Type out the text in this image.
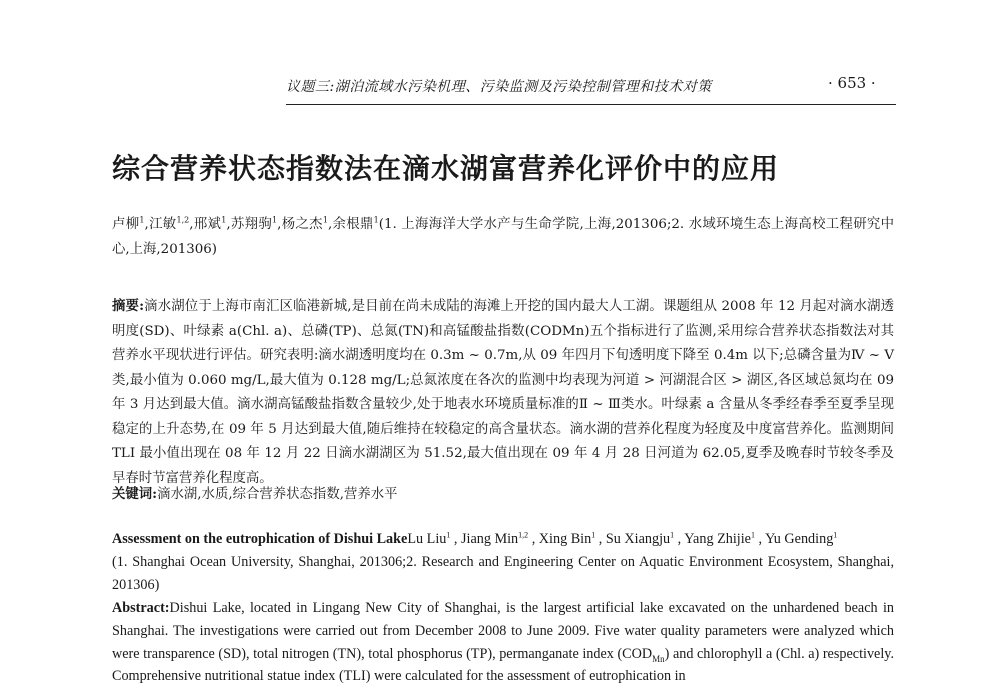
议题三:湖泊流域水污染机理、污染监测及污染控制管理和技术对策	· 653 ·
综合营养状态指数法在滴水湖富营养化评价中的应用
卢柳$^1$,江敏$^{1,2}$,邢斌$^1$,苏翔驹$^1$,杨之杰$^1$,余根鼎$^1$(1. 上海海洋大学水产与生命学院,上海,201306;2. 水域环境生态上海高校工程研究中心,上海,201306)
摘要:滴水湖位于上海市南汇区临港新城,是目前在尚未成陆的海滩上开挖的国内最大人工湖。课题组从 2008 年 12 月起对滴水湖透明度(SD)、叶绿素 a(Chl. a)、总磷(TP)、总氮(TN)和高锰酸盐指数(CODMn)五个指标进行了监测,采用综合营养状态指数法对其营养水平现状进行评估。研究表明:滴水湖透明度均在 0.3m ~ 0.7m,从 09 年四月下旬透明度下降至 0.4m 以下;总磷含量为Ⅳ ~ Ⅴ类,最小值为 0.060 mg/L,最大值为 0.128 mg/L;总氮浓度在各次的监测中均表现为河道 > 河湖混合区 > 湖区,各区域总氮均在 09 年 3 月达到最大值。滴水湖高锰酸盐指数含量较少,处于地表水环境质量标准的Ⅱ ~ Ⅲ类水。叶绿素 a 含量从冬季经春季至夏季呈现稳定的上升态势,在 09 年 5 月达到最大值,随后维持在较稳定的高含量状态。滴水湖的营养化程度为轻度及中度富营养化。监测期间 TLI 最小值出现在 08 年 12 月 22 日滴水湖湖区为 51.52,最大值出现在 09 年 4 月 28 日河道为 62.05,夏季及晚春时节较冬季及早春时节富营养化程度高。
关键词:滴水湖,水质,综合营养状态指数,营养水平
Assessment on the eutrophication of Dishui LakeLu Liu$^1$ , Jiang Min$^{1,2}$ , Xing Bin$^1$ , Su Xiangju$^1$ , Yang Zhijie$^1$ , Yu Gending$^1$
(1. Shanghai Ocean University, Shanghai, 201306;2. Research and Engineering Center on Aquatic Environment Ecosystem, Shanghai, 201306)
Abstract:Dishui Lake, located in Lingang New City of Shanghai, is the largest artificial lake excavated on the unhardened beach in Shanghai. The investigations were carried out from December 2008 to June 2009. Five water quality parameters were analyzed which were transparence (SD), total nitrogen (TN), total phosphorus (TP), permanganate index $(COD_{Mn})$ and chlorophyll a (Chl. a) respectively. Comprehensive nutritional statue index (TLI) were calculated for the assessment of eutrophication in
